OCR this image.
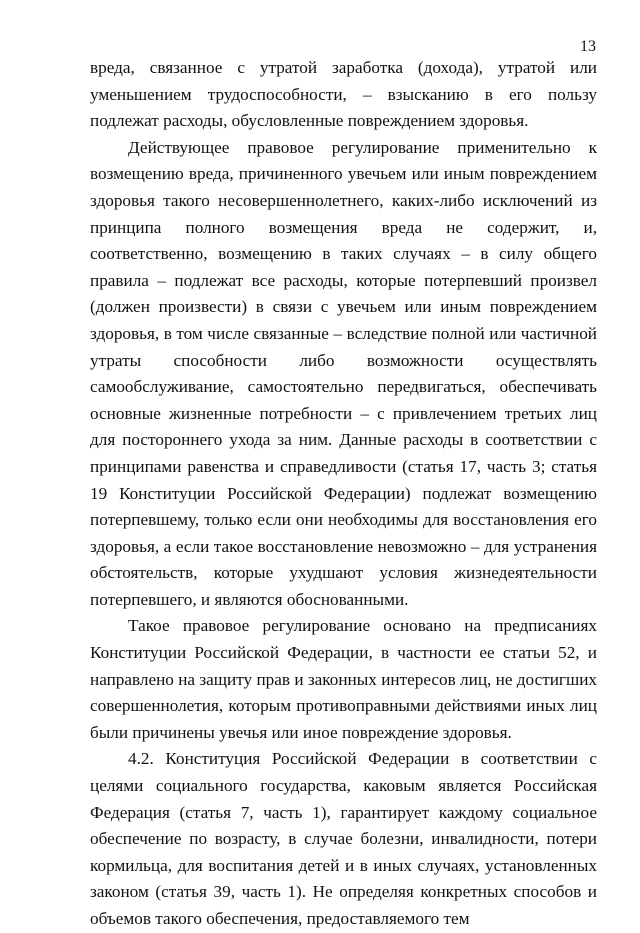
13

вреда, связанное с утратой заработка (дохода), утратой или уменьшением трудоспособности, – взысканию в его пользу подлежат расходы, обусловленные повреждением здоровья.

Действующее правовое регулирование применительно к возмещению вреда, причиненного увечьем или иным повреждением здоровья такого несовершеннолетнего, каких-либо исключений из принципа полного возмещения вреда не содержит, и, соответственно, возмещению в таких случаях – в силу общего правила – подлежат все расходы, которые потерпевший произвел (должен произвести) в связи с увечьем или иным повреждением здоровья, в том числе связанные – вследствие полной или частичной утраты способности либо возможности осуществлять самообслуживание, самостоятельно передвигаться, обеспечивать основные жизненные потребности – с привлечением третьих лиц для постороннего ухода за ним. Данные расходы в соответствии с принципами равенства и справедливости (статья 17, часть 3; статья 19 Конституции Российской Федерации) подлежат возмещению потерпевшему, только если они необходимы для восстановления его здоровья, а если такое восстановление невозможно – для устранения обстоятельств, которые ухудшают условия жизнедеятельности потерпевшего, и являются обоснованными.

Такое правовое регулирование основано на предписаниях Конституции Российской Федерации, в частности ее статьи 52, и направлено на защиту прав и законных интересов лиц, не достигших совершеннолетия, которым противоправными действиями иных лиц были причинены увечья или иное повреждение здоровья.

4.2. Конституция Российской Федерации в соответствии с целями социального государства, каковым является Российская Федерация (статья 7, часть 1), гарантирует каждому социальное обеспечение по возрасту, в случае болезни, инвалидности, потери кормильца, для воспитания детей и в иных случаях, установленных законом (статья 39, часть 1). Не определяя конкретных способов и объемов такого обеспечения, предоставляемого тем
